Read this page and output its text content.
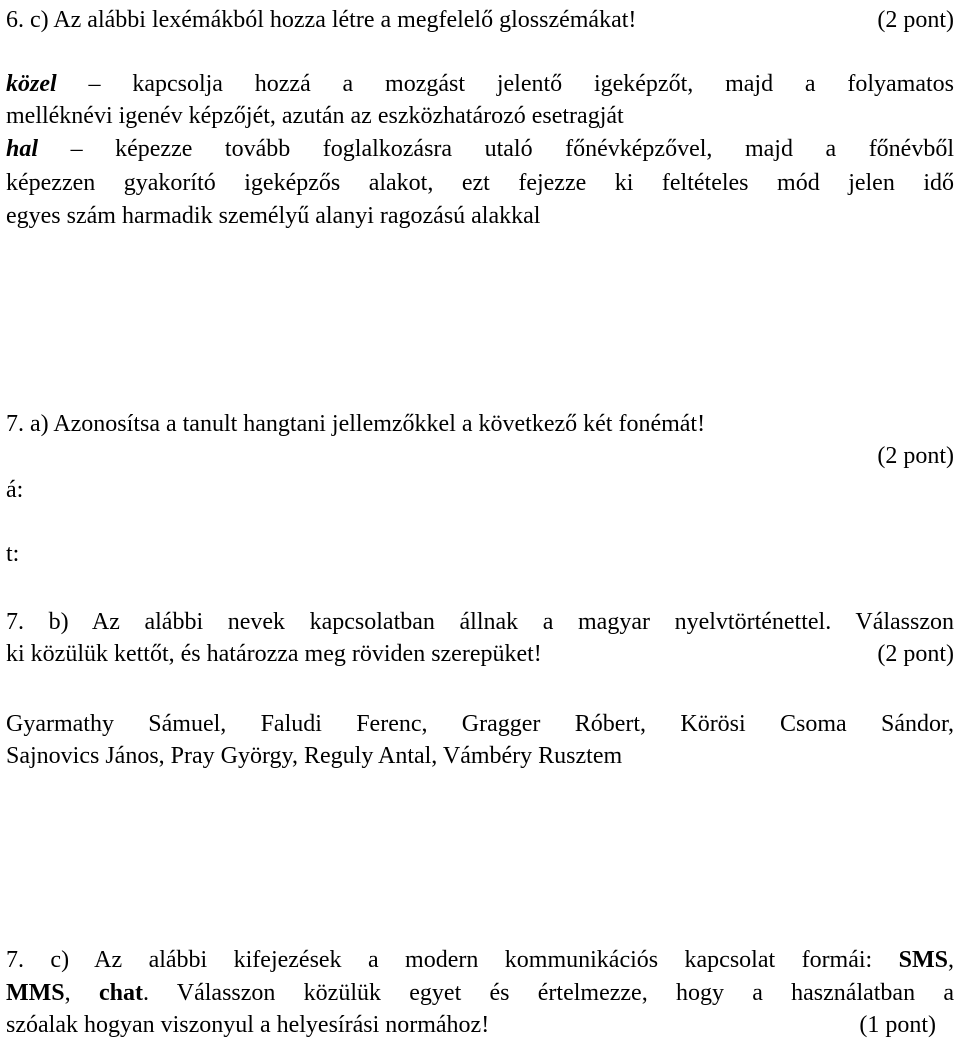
6. c) Az alábbi lexémákból hozza létre a megfelelő glosszémákat!	(2 pont)
közel – kapcsolja hozzá a mozgást jelentő igeképzőt, majd a folyamatos
melléknévi igenév képzőjét, azután az eszközhatározó esetragját
hal – képezze tovább foglalkozásra utaló főnévképzővel, majd a főnévből
képezzen gyakorító igeképzős alakot, ezt fejezze ki feltételes mód jelen idő
egyes szám harmadik személyű alanyi ragozású alakkal
7. a) Azonosítsa a tanult hangtani jellemzőkkel a következő két fonémát!
(2 pont)
á:
t:
7. b) Az alábbi nevek kapcsolatban állnak a magyar nyelvtörténettel. Válasszon
ki közülük kettőt, és határozza meg röviden szerepüket!	(2 pont)
Gyarmathy Sámuel, Faludi Ferenc, Gragger Róbert, Körösi Csoma Sándor,
Sajnovics János, Pray György, Reguly Antal, Vámbéry Rusztem
7. c) Az alábbi kifejezések a modern kommunikációs kapcsolat formái: SMS,
MMS, chat. Válasszon közülük egyet és értelmezze, hogy a használatban a
szóalak hogyan viszonyul a helyesírási normához!	(1 pont)
